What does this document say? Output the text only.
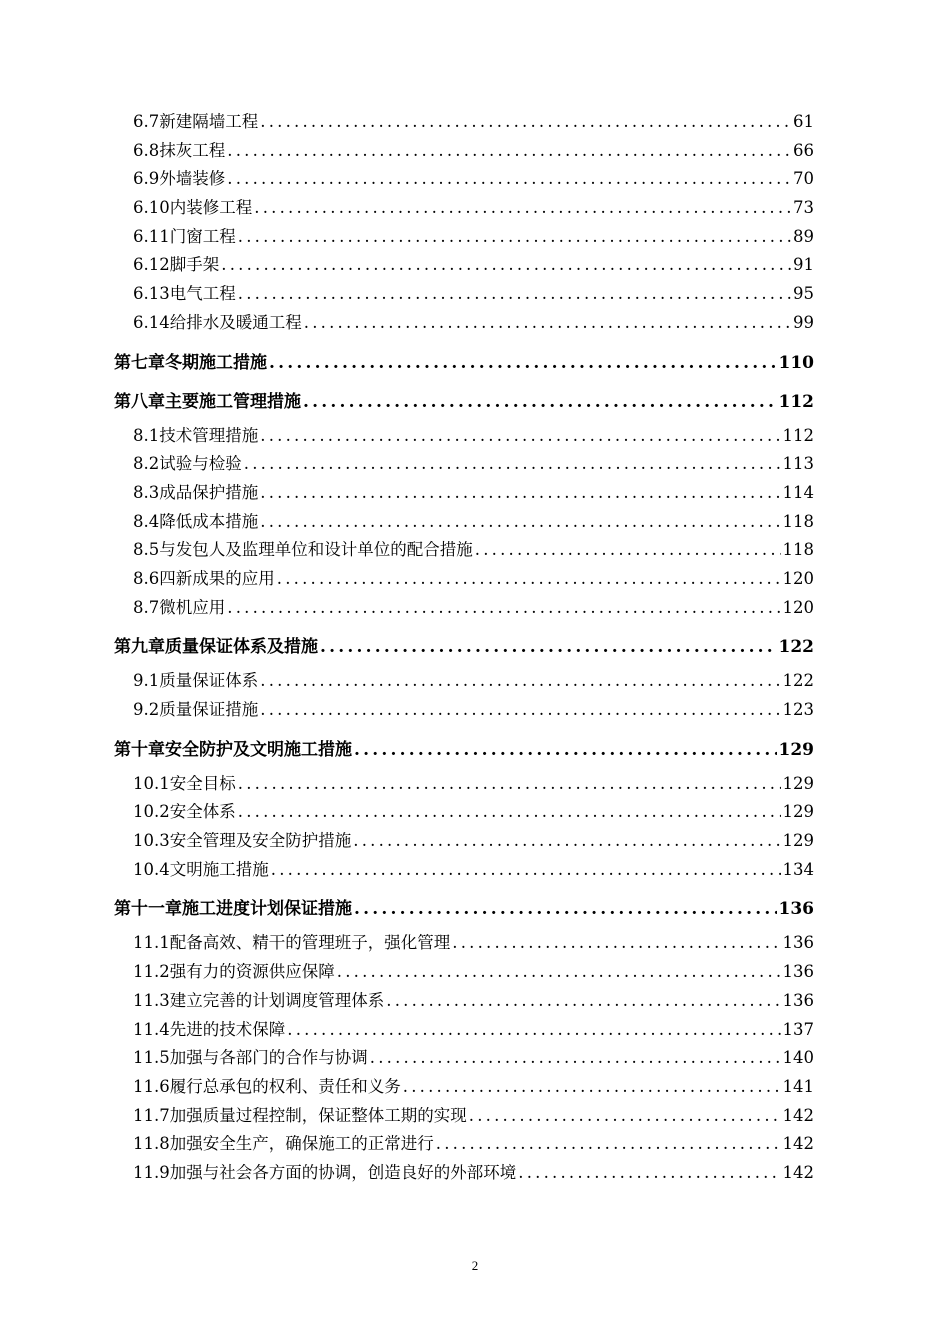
6.7新建隔墙工程 .....	61
6.8抹灰工程 .....	66
6.9外墙装修 .....	70
6.10内装修工程 .....	73
6.11门窗工程 .....	89
6.12脚手架 .....	91
6.13电气工程 .....	95
6.14给排水及暖通工程 .....	99
第七章 冬期施工措施 .....	110
第八章 主要施工管理措施 .....	112
8.1技术管理措施 .....	112
8.2试验与检验 .....	113
8.3成品保护措施 .....	114
8.4降低成本措施 .....	118
8.5与发包人及监理单位和设计单位的配合措施 .....	118
8.6四新成果的应用 .....	120
8.7微机应用 .....	120
第九章 质量保证体系及措施 .....	122
9.1质量保证体系 .....	122
9.2质量保证措施 .....	123
第十章 安全防护及文明施工措施 .....	129
10.1安全目标 .....	129
10.2安全体系 .....	129
10.3安全管理及安全防护措施 .....	129
10.4文明施工措施 .....	134
第十一章 施工进度计划保证措施 .....	136
11.1配备高效、精干的管理班子，强化管理 .....	136
11.2强有力的资源供应保障 .....	136
11.3建立完善的计划调度管理体系 .....	136
11.4先进的技术保障 .....	137
11.5加强与各部门的合作与协调 .....	140
11.6履行总承包的权利、责任和义务 .....	141
11.7加强质量过程控制，保证整体工期的实现 .....	142
11.8加强安全生产，确保施工的正常进行 .....	142
11.9加强与社会各方面的协调，创造良好的外部环境 .....	142
2
